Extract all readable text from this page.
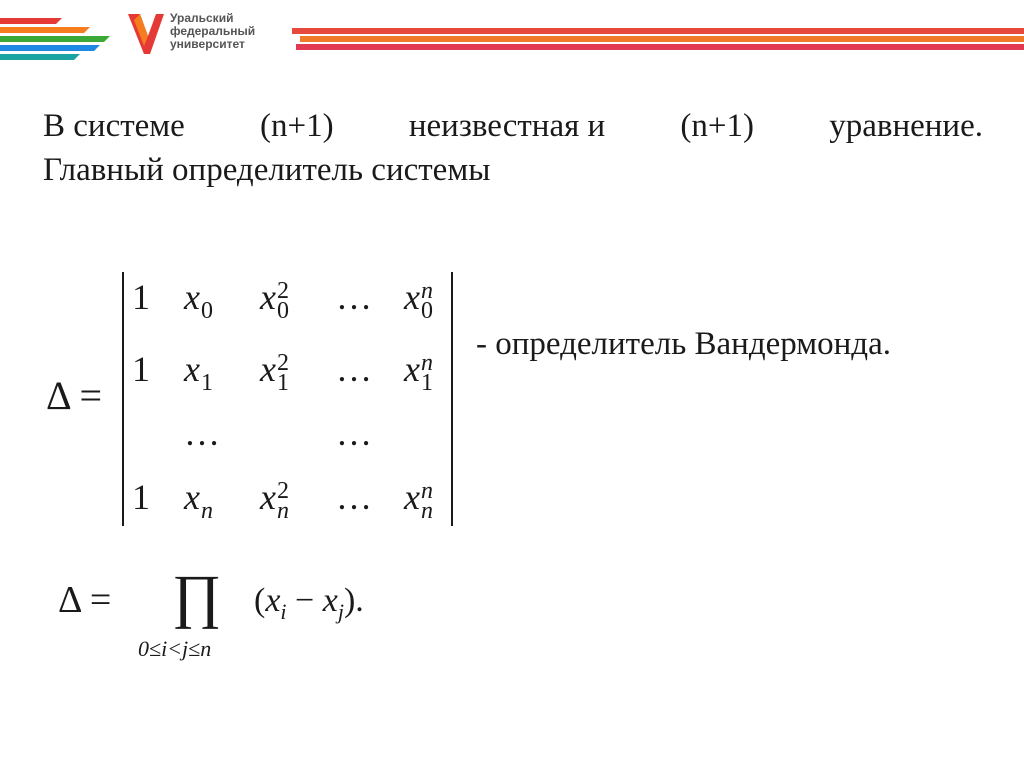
Уральский
федеральный
университет
В системе (n+1) неизвестная и (n+1) уравнение.
Главный определитель системы
Δ =
1 x
0 x 2
0 … x n
0
1 x
1 x 2
1 … x n
1
…	…
1 x
n x 2
n … x n
n
- определитель Вандермонда.
Δ = ∏ $(x_i - x_j)$.
0≤i<j≤n
